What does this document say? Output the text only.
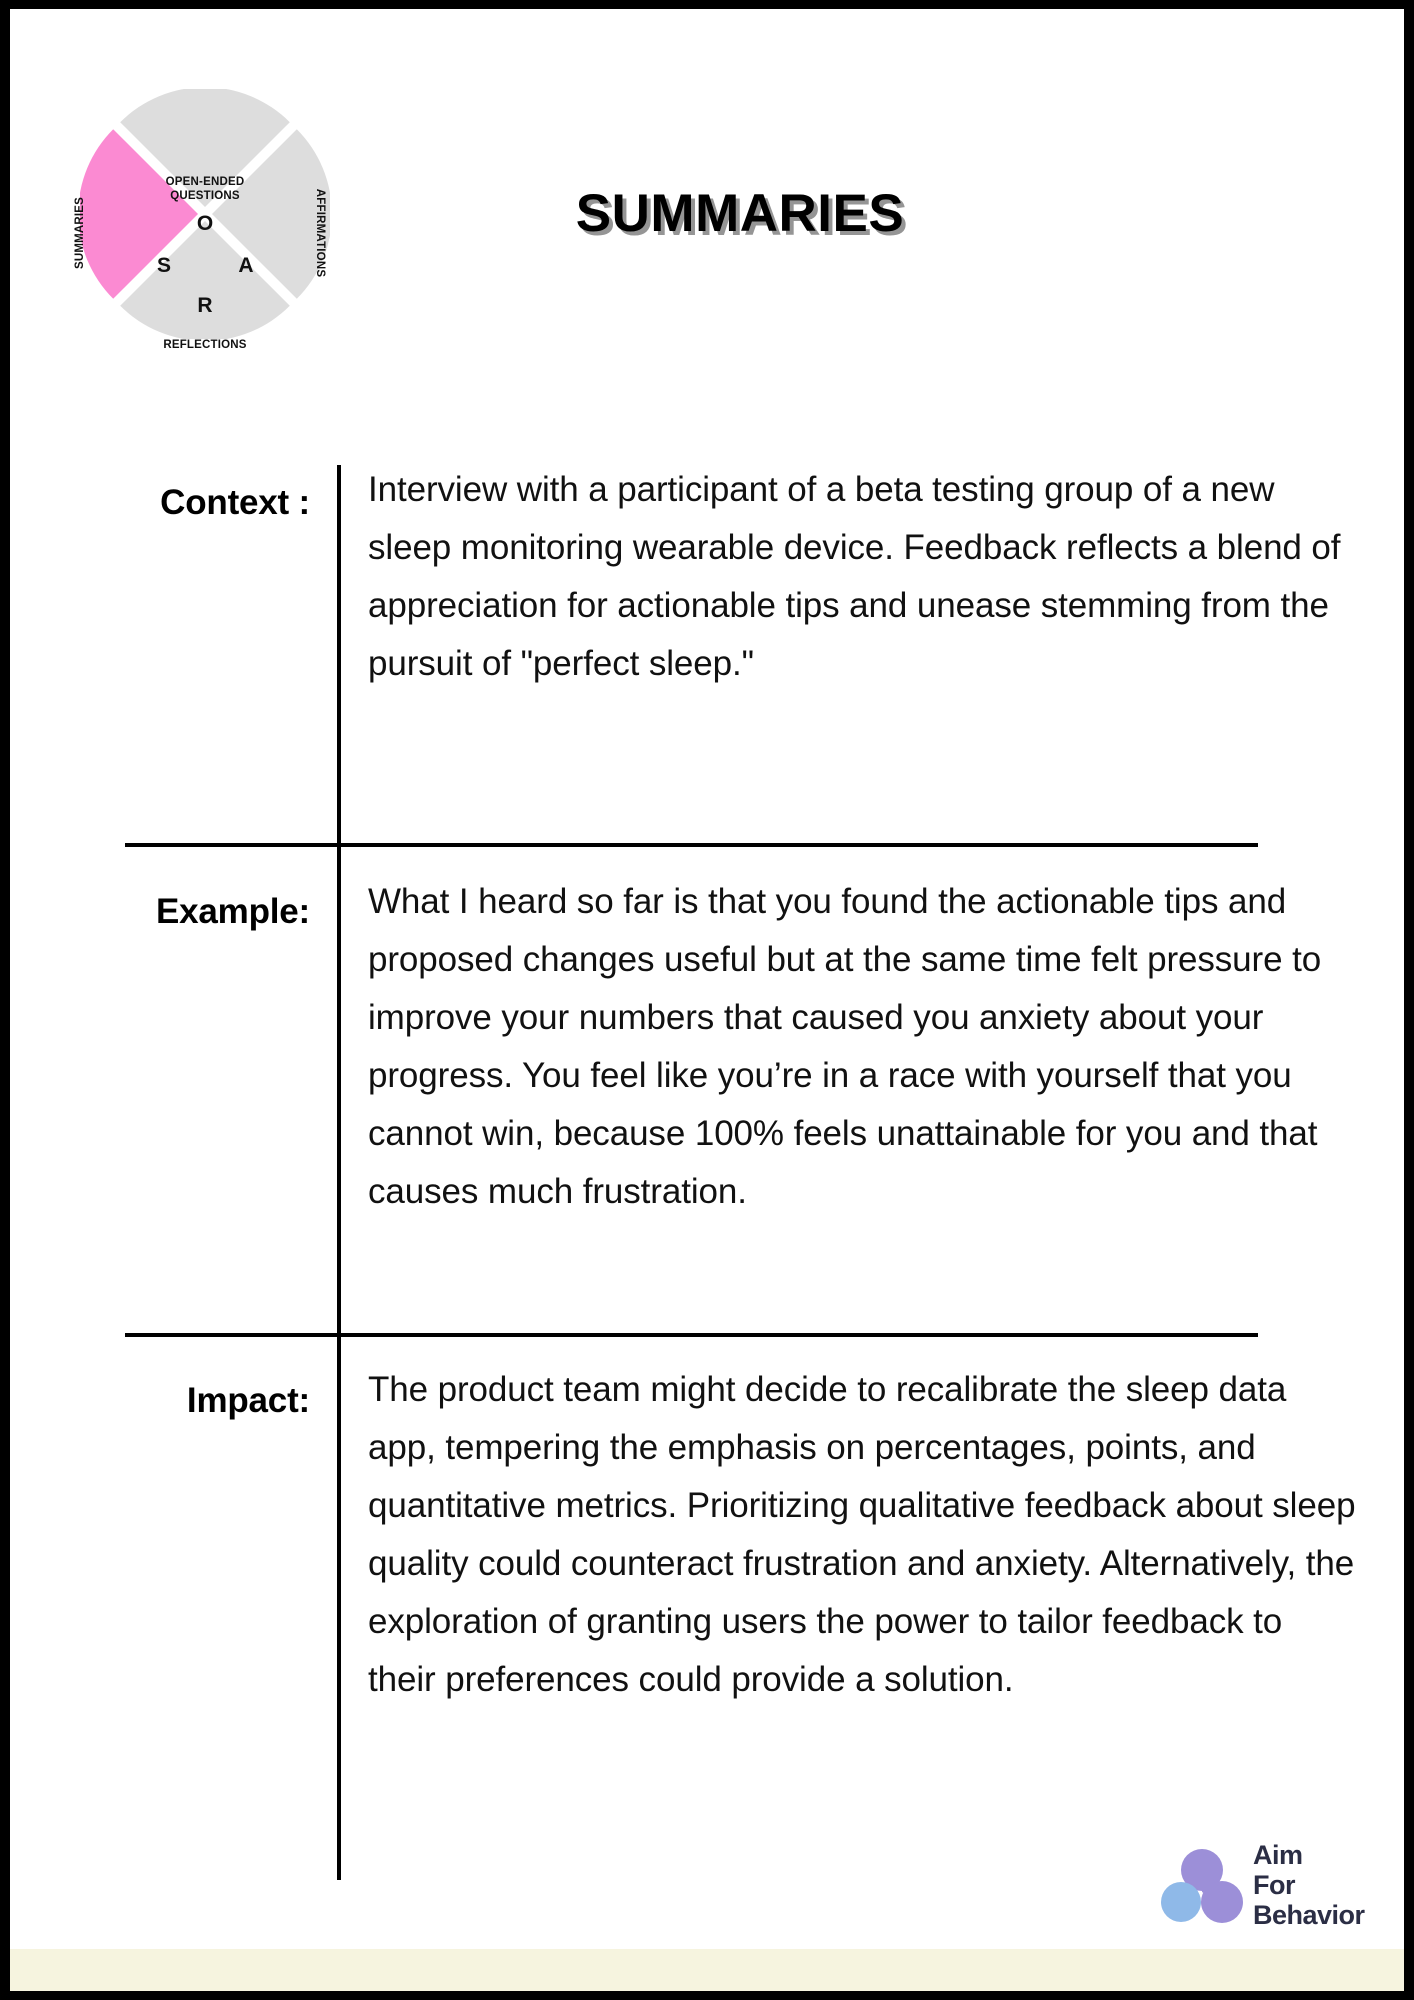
O
A
R
S
OPEN-ENDED QUESTIONS	AFFIRMATIONS
REFLECTIONS
SUMMARIES	SUMMARIES
Context : Interview with a participant of a beta testing group of a new sleep monitoring wearable device. Feedback reflects a blend of appreciation for actionable tips and unease stemming from the pursuit of "perfect sleep."
Example: What I heard so far is that you found the actionable tips and proposed changes useful but at the same time felt pressure to improve your numbers that caused you anxiety about your progress. You feel like you’re in a race with yourself that you cannot win, because 100% feels unattainable for you and that causes much frustration.
Impact: The product team might decide to recalibrate the sleep data app, tempering the emphasis on percentages, points, and quantitative metrics. Prioritizing qualitative feedback about sleep quality could counteract frustration and anxiety. Alternatively, the exploration of granting users the power to tailor feedback to their preferences could provide a solution.
Aim
For
Behavior
